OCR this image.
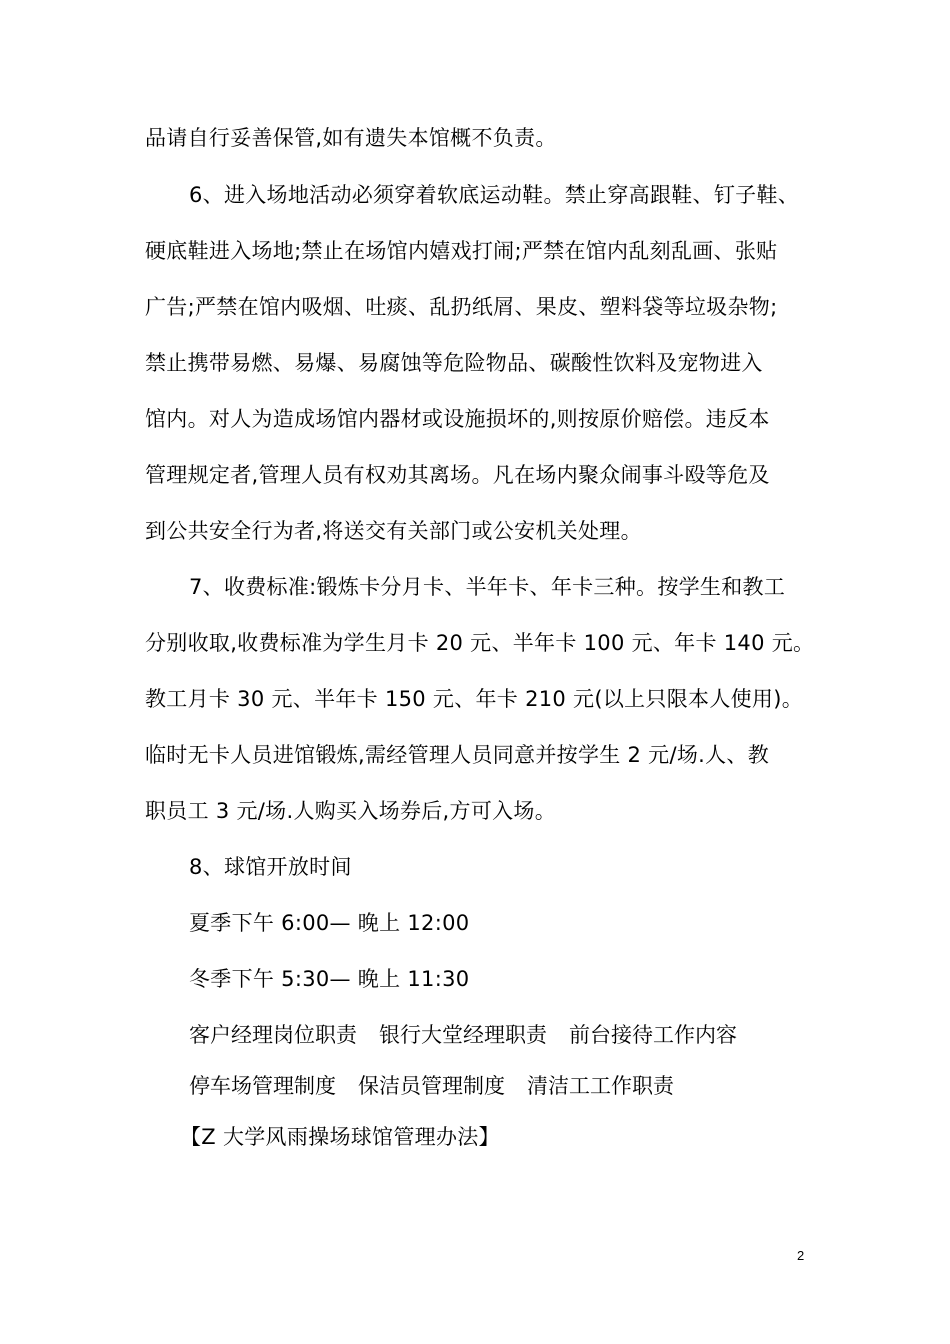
品请自行妥善保管,如有遗失本馆概不负责。
6、进入场地活动必须穿着软底运动鞋。禁止穿高跟鞋、钉子鞋、
硬底鞋进入场地;禁止在场馆内嬉戏打闹;严禁在馆内乱刻乱画、张贴
广告;严禁在馆内吸烟、吐痰、乱扔纸屑、果皮、塑料袋等垃圾杂物;
禁止携带易燃、易爆、易腐蚀等危险物品、碳酸性饮料及宠物进入
馆内。对人为造成场馆内器材或设施损坏的,则按原价赔偿。违反本
管理规定者,管理人员有权劝其离场。凡在场内聚众闹事斗殴等危及
到公共安全行为者,将送交有关部门或公安机关处理。
7、收费标准:锻炼卡分月卡、半年卡、年卡三种。按学生和教工
分别收取,收费标准为学生月卡 20 元、半年卡 100 元、年卡 140 元。
教工月卡 30 元、半年卡 150 元、年卡 210 元(以上只限本人使用)。
临时无卡人员进馆锻炼,需经管理人员同意并按学生 2 元/场.人、教
职员工 3 元/场.人购买入场券后,方可入场。
8、球馆开放时间
夏季下午 6:00— 晚上 12:00
冬季下午 5:30— 晚上 11:30
客户经理岗位职责 银行大堂经理职责 前台接待工作内容
停车场管理制度 保洁员管理制度 清洁工工作职责
【Z 大学风雨操场球馆管理办法】
2
